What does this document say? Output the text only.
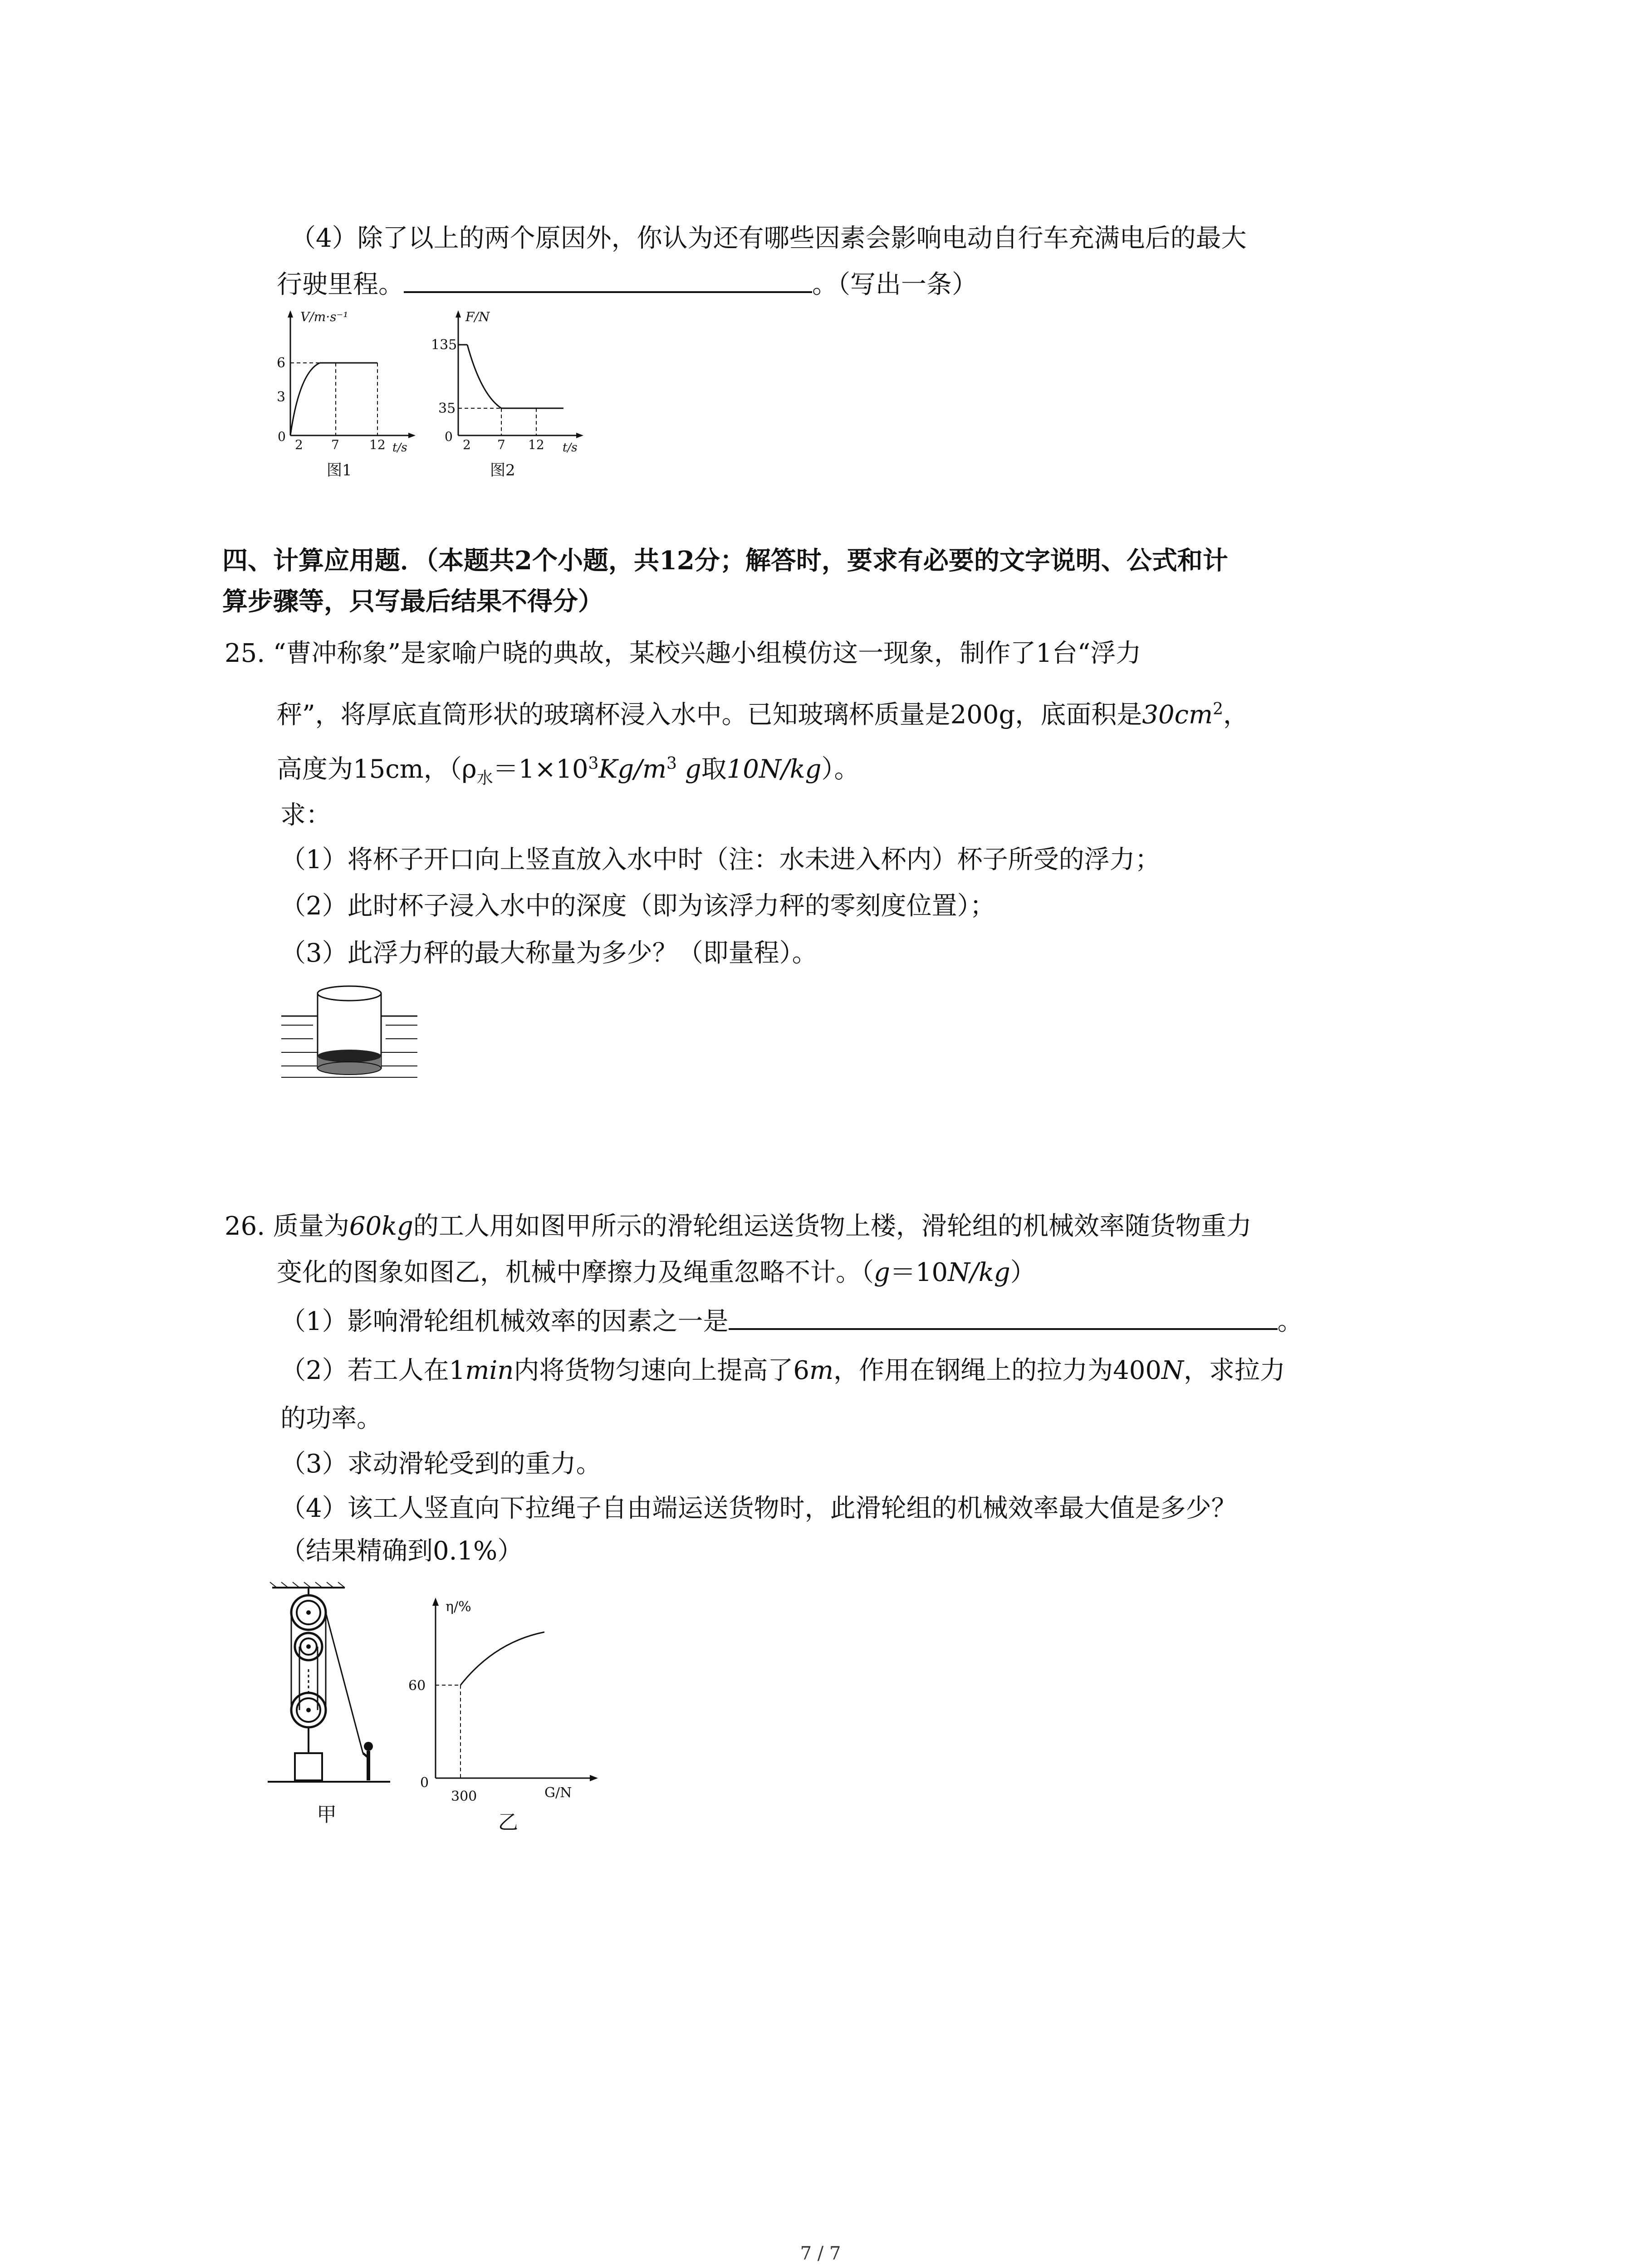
（4）除了以上的两个原因外，你认为还有哪些因素会影响电动自行车充满电后的最大
行驶里程。	。（写出一条）
V/m·s⁻¹
t/s
6
3
0
2 7 12
图1
F/N
t/s
135
35
0
2 7 12
图2
四、计算应用题．（本题共2个小题，共12分；解答时，要求有必要的文字说明、公式和计
算步骤等，只写最后结果不得分）
25. “曹冲称象”是家喻户晓的典故，某校兴趣小组模仿这一现象，制作了1台“浮力
秤”，将厚底直筒形状的玻璃杯浸入水中。已知玻璃杯质量是200g，底面积是$30cm^2$，
高度为15cm，（$\rho_水=1\times 10^3Kg/m^3$ g取10N/kg）。
求：
（1）将杯子开口向上竖直放入水中时（注：水未进入杯内）杯子所受的浮力；
（2）此时杯子浸入水中的深度（即为该浮力秤的零刻度位置）；
（3）此浮力秤的最大称量为多少？（即量程）。
26. 质量为60kg的工人用如图甲所示的滑轮组运送货物上楼，滑轮组的机械效率随货物重力
变化的图象如图乙，机械中摩擦力及绳重忽略不计。（g＝10N/kg）
（1）影响滑轮组机械效率的因素之一是	。
（2）若工人在1min内将货物匀速向上提高了6m，作用在钢绳上的拉力为400N，求拉力
的功率。
（3）求动滑轮受到的重力。
（4）该工人竖直向下拉绳子自由端运送货物时，此滑轮组的机械效率最大值是多少？
（结果精确到0.1%）
甲
η/%
G/N
60
0
300
乙
7 / 7
